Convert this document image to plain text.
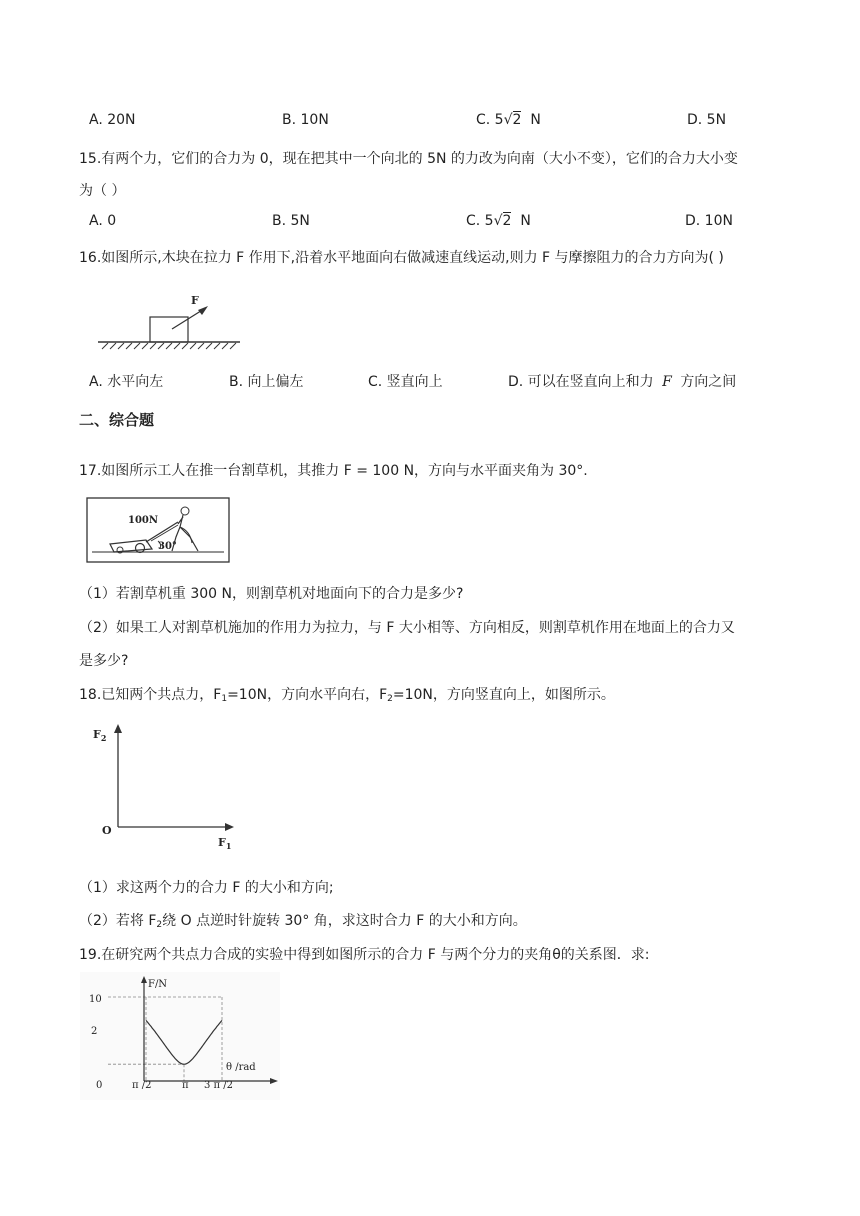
A. 20N	B. 10N	C. 5√2 N	D. 5N
15.有两个力，它们的合力为 0，现在把其中一个向北的 5N 的力改为向南（大小不变），它们的合力大小变
为（ ）
A. 0	B. 5N	C. 5√2 N	D. 10N
16.如图所示,木块在拉力 F 作用下,沿着水平地面向右做减速直线运动,则力 F 与摩擦阻力的合力方向为( )
F
A. 水平向左	B. 向上偏左	C. 竖直向上	D. 可以在竖直向上和力 F 方向之间
二、综合题
17.如图所示工人在推一台割草机，其推力 F = 100 N，方向与水平面夹角为 30°.
100N
30°
（1）若割草机重 300 N，则割草机对地面向下的合力是多少?
（2）如果工人对割草机施加的作用力为拉力，与 F 大小相等、方向相反，则割草机作用在地面上的合力又
是多少?
18.已知两个共点力，$F_1=10N$，方向水平向右，$F_2=10N$，方向竖直向上，如图所示。
$F_2$
$F_1$
O
（1）求这两个力的合力 F 的大小和方向;
（2）若将 $F_2$绕 O 点逆时针旋转 30° 角，求这时合力 F 的大小和方向。
19.在研究两个共点力合成的实验中得到如图所示的合力 F 与两个分力的夹角θ的关系图．求:
F/N
θ /rad
10
2
0	π /2	π 3 π /2
